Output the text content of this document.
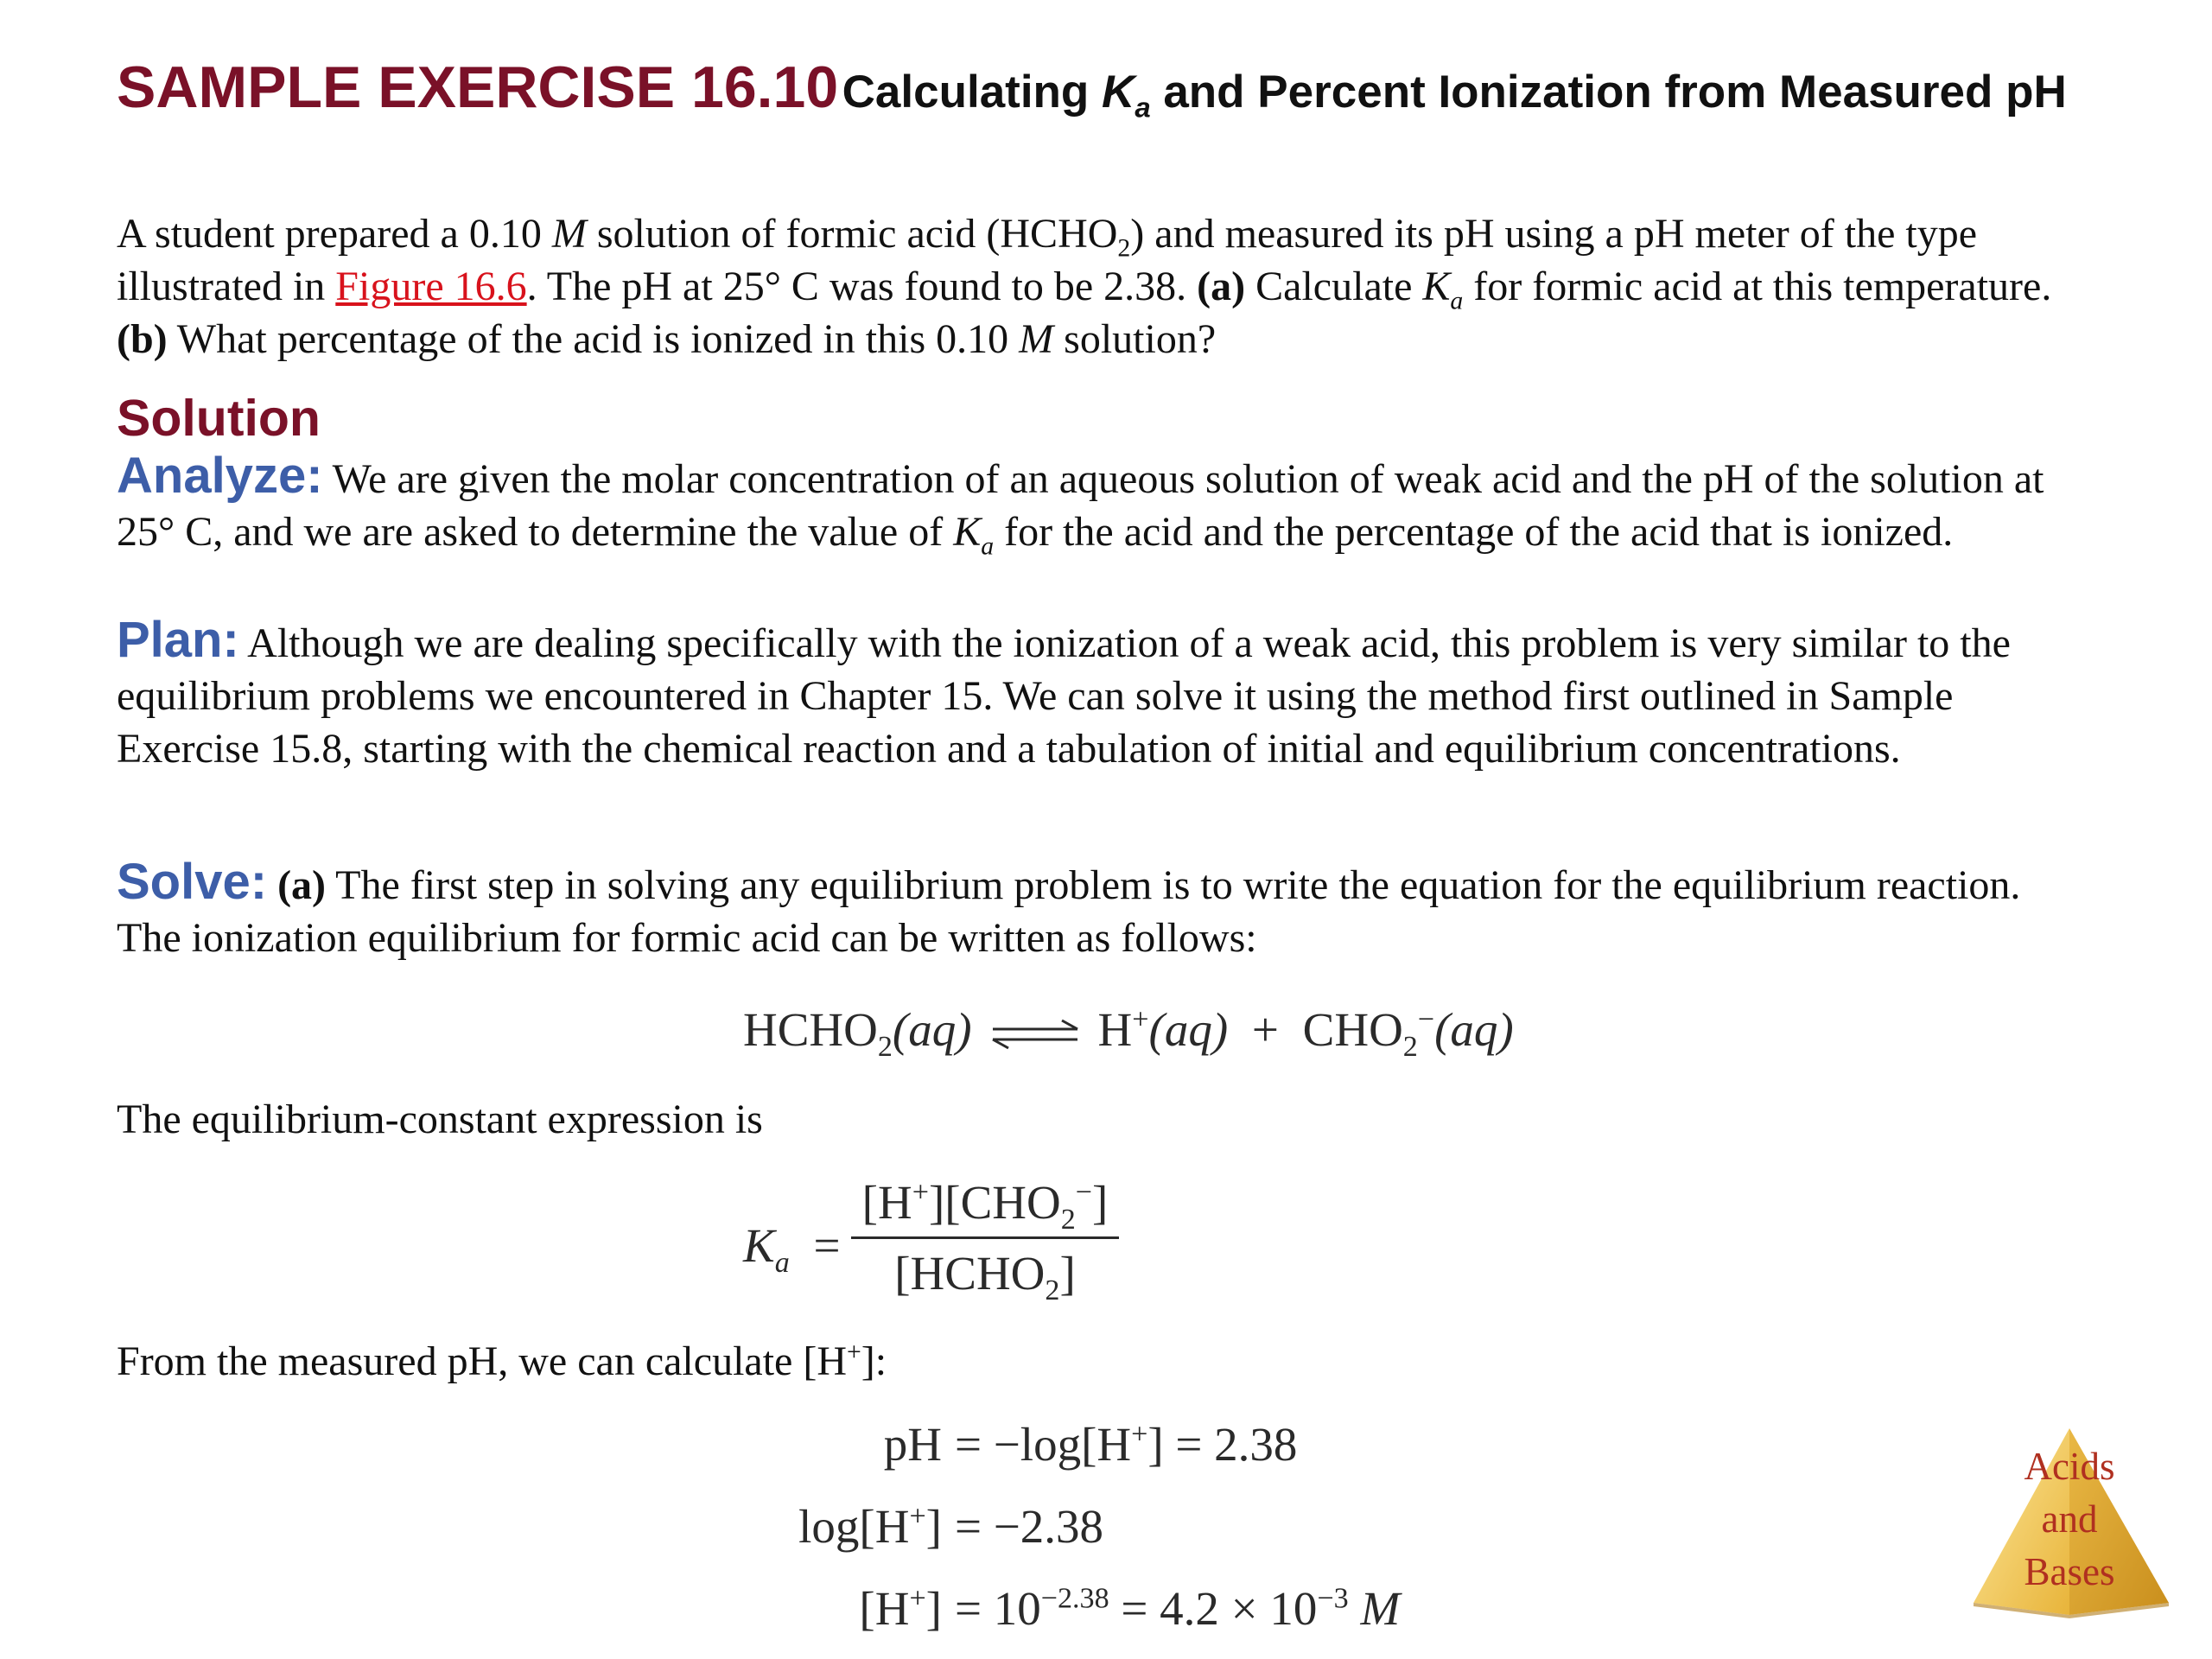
SAMPLE EXERCISE 16.10 Calculating $K_a$ and Percent Ionization from Measured pH
A student prepared a 0.10 M solution of formic acid $(HCHO_2)$ and measured its pH using a pH meter of the type illustrated in Figure 16.6. The pH at 25° C was found to be 2.38. (a) Calculate $K_a$ for formic acid at this temperature. (b) What percentage of the acid is ionized in this 0.10 M solution?
Solution
Analyze: We are given the molar concentration of an aqueous solution of weak acid and the pH of the solution at 25° C, and we are asked to determine the value of $K_a$ for the acid and the percentage of the acid that is ionized.
Plan: Although we are dealing specifically with the ionization of a weak acid, this problem is very similar to the equilibrium problems we encountered in Chapter 15. We can solve it using the method first outlined in Sample Exercise 15.8, starting with the chemical reaction and a tabulation of initial and equilibrium concentrations.
Solve: (a) The first step in solving any equilibrium problem is to write the equation for the equilibrium reaction. The ionization equilibrium for formic acid can be written as follows:
$HCHO_2(aq)$ ⇌ $H^+(aq) + CHO_2^-(aq)$
The equilibrium-constant expression is
$K_a$ =
$[H^+][CHO_2^-]$
$[HCHO_2]$
From the measured pH, we can calculate [H+]:
pH = −log[H+] = 2.38
log[H+] = −2.38
$[H^+] = 10^{-2.38} = 4.2 \times 10^{-3}$ M
Acids
and
Bases
